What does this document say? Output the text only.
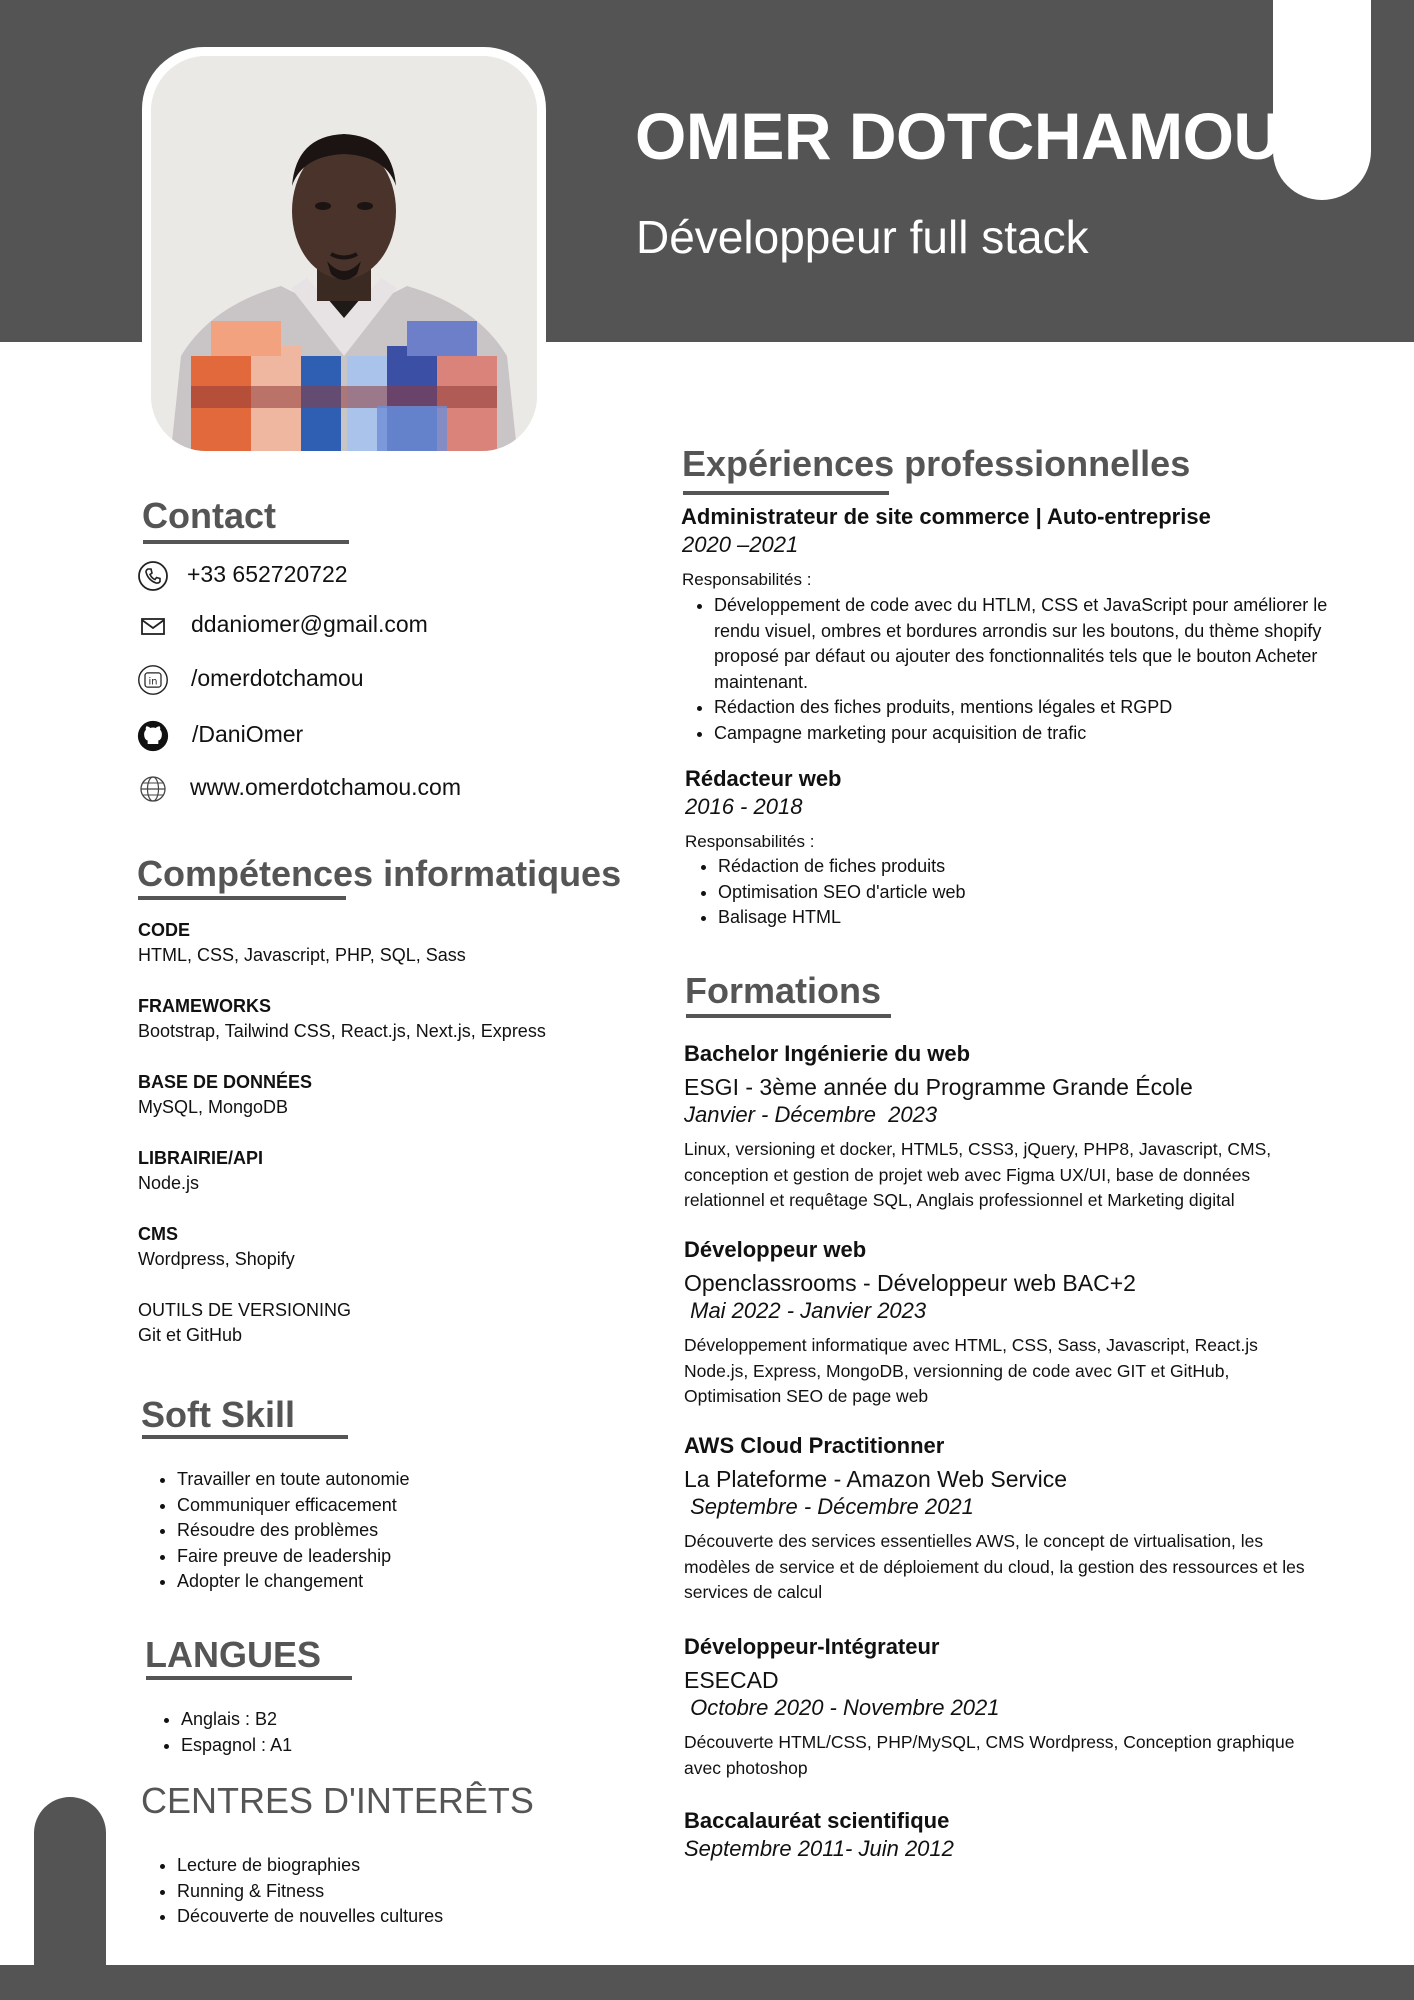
OMER DOTCHAMOU
Développeur full stack
Contact
+33 652720722
ddaniomer@gmail.com
in /omerdotchamou
/DaniOmer
www.omerdotchamou.com
Compétences informatiques
CODE
HTML, CSS, Javascript, PHP, SQL, Sass
FRAMEWORKS
Bootstrap, Tailwind CSS, React.js, Next.js, Express
BASE DE DONNÉES
MySQL, MongoDB
LIBRAIRIE/API
Node.js
CMS
Wordpress, Shopify
OUTILS DE VERSIONING
Git et GitHub
Soft Skill
• Travailler en toute autonomie
• Communiquer efficacement
• Résoudre des problèmes
• Faire preuve de leadership
• Adopter le changement
LANGUES
• Anglais : B2
• Espagnol : A1
CENTRES D'INTERÊTS
• Lecture de biographies
• Running & Fitness
• Découverte de nouvelles cultures
Expériences professionnelles
Administrateur de site commerce | Auto-entreprise
2020 –2021
Responsabilités :
• Développement de code avec du HTLM, CSS et JavaScript pour améliorer le rendu visuel, ombres et bordures arrondis sur les boutons, du thème shopify proposé par défaut ou ajouter des fonctionnalités tels que le bouton Acheter maintenant.
• Rédaction des fiches produits, mentions légales et RGPD
• Campagne marketing pour acquisition de trafic
Rédacteur web
2016 - 2018
Responsabilités :
• Rédaction de fiches produits
• Optimisation SEO d'article web
• Balisage HTML
Formations
Bachelor Ingénierie du web
ESGI - 3ème année du Programme Grande École
Janvier - Décembre  2023
Linux, versioning et docker, HTML5, CSS3, jQuery, PHP8, Javascript, CMS, conception et gestion de projet web avec Figma UX/UI, base de données relationnel et requêtage SQL, Anglais professionnel et Marketing digital
Développeur web
Openclassrooms - Développeur web BAC+2
Mai 2022 - Janvier 2023
Développement informatique avec HTML, CSS, Sass, Javascript, React.js Node.js, Express, MongoDB, versionning de code avec GIT et GitHub, Optimisation SEO de page web
AWS Cloud Practitionner
La Plateforme - Amazon Web Service
Septembre - Décembre 2021
Découverte des services essentielles AWS, le concept de virtualisation, les modèles de service et de déploiement du cloud, la gestion des ressources et les services de calcul
Développeur-Intégrateur
ESECAD
Octobre 2020 - Novembre 2021
Découverte HTML/CSS, PHP/MySQL, CMS Wordpress, Conception graphique avec photoshop
Baccalauréat scientifique
Septembre 2011- Juin 2012
